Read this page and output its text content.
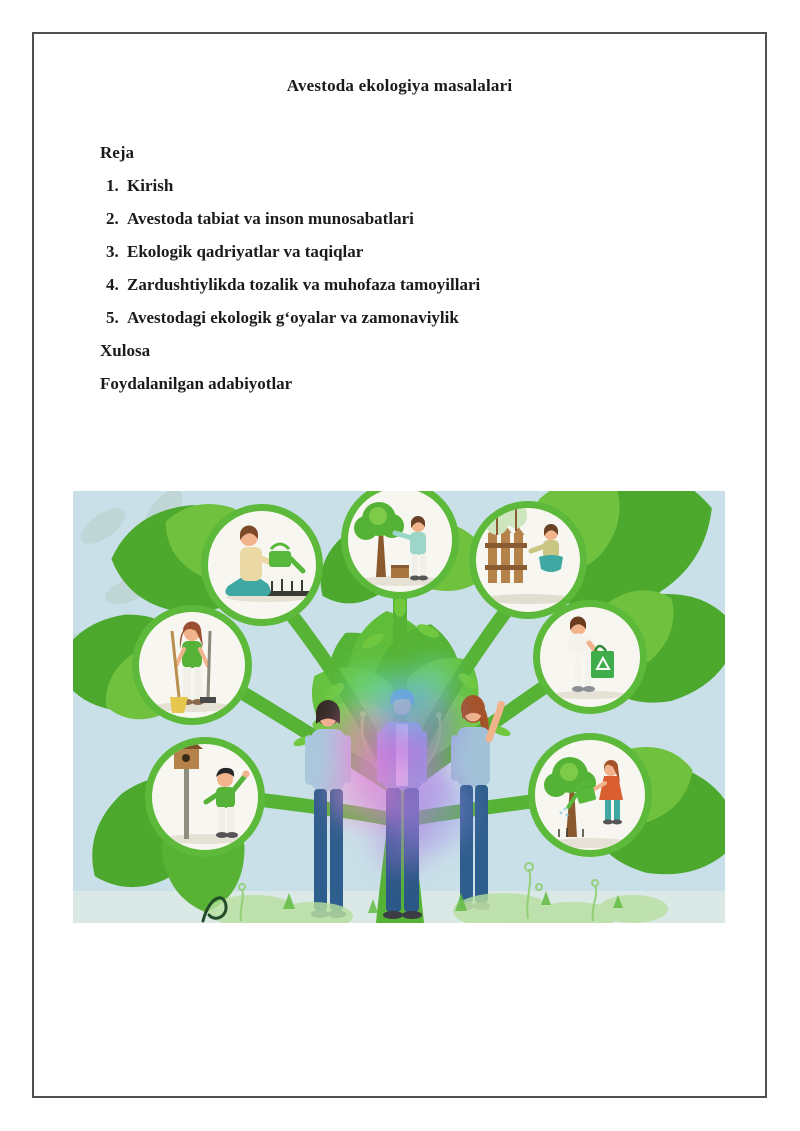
Avestoda ekologiya masalalari
Reja
1. Kirish
2. Avestoda tabiat va inson munosabatlari
3. Ekologik qadriyatlar va taqiqlar
4. Zardushtiylikda tozalik va muhofaza tamoyillari
5. Avestodagi ekologik g‘oyalar va zamonaviylik
Xulosa
Foydalanilgan adabiyotlar
